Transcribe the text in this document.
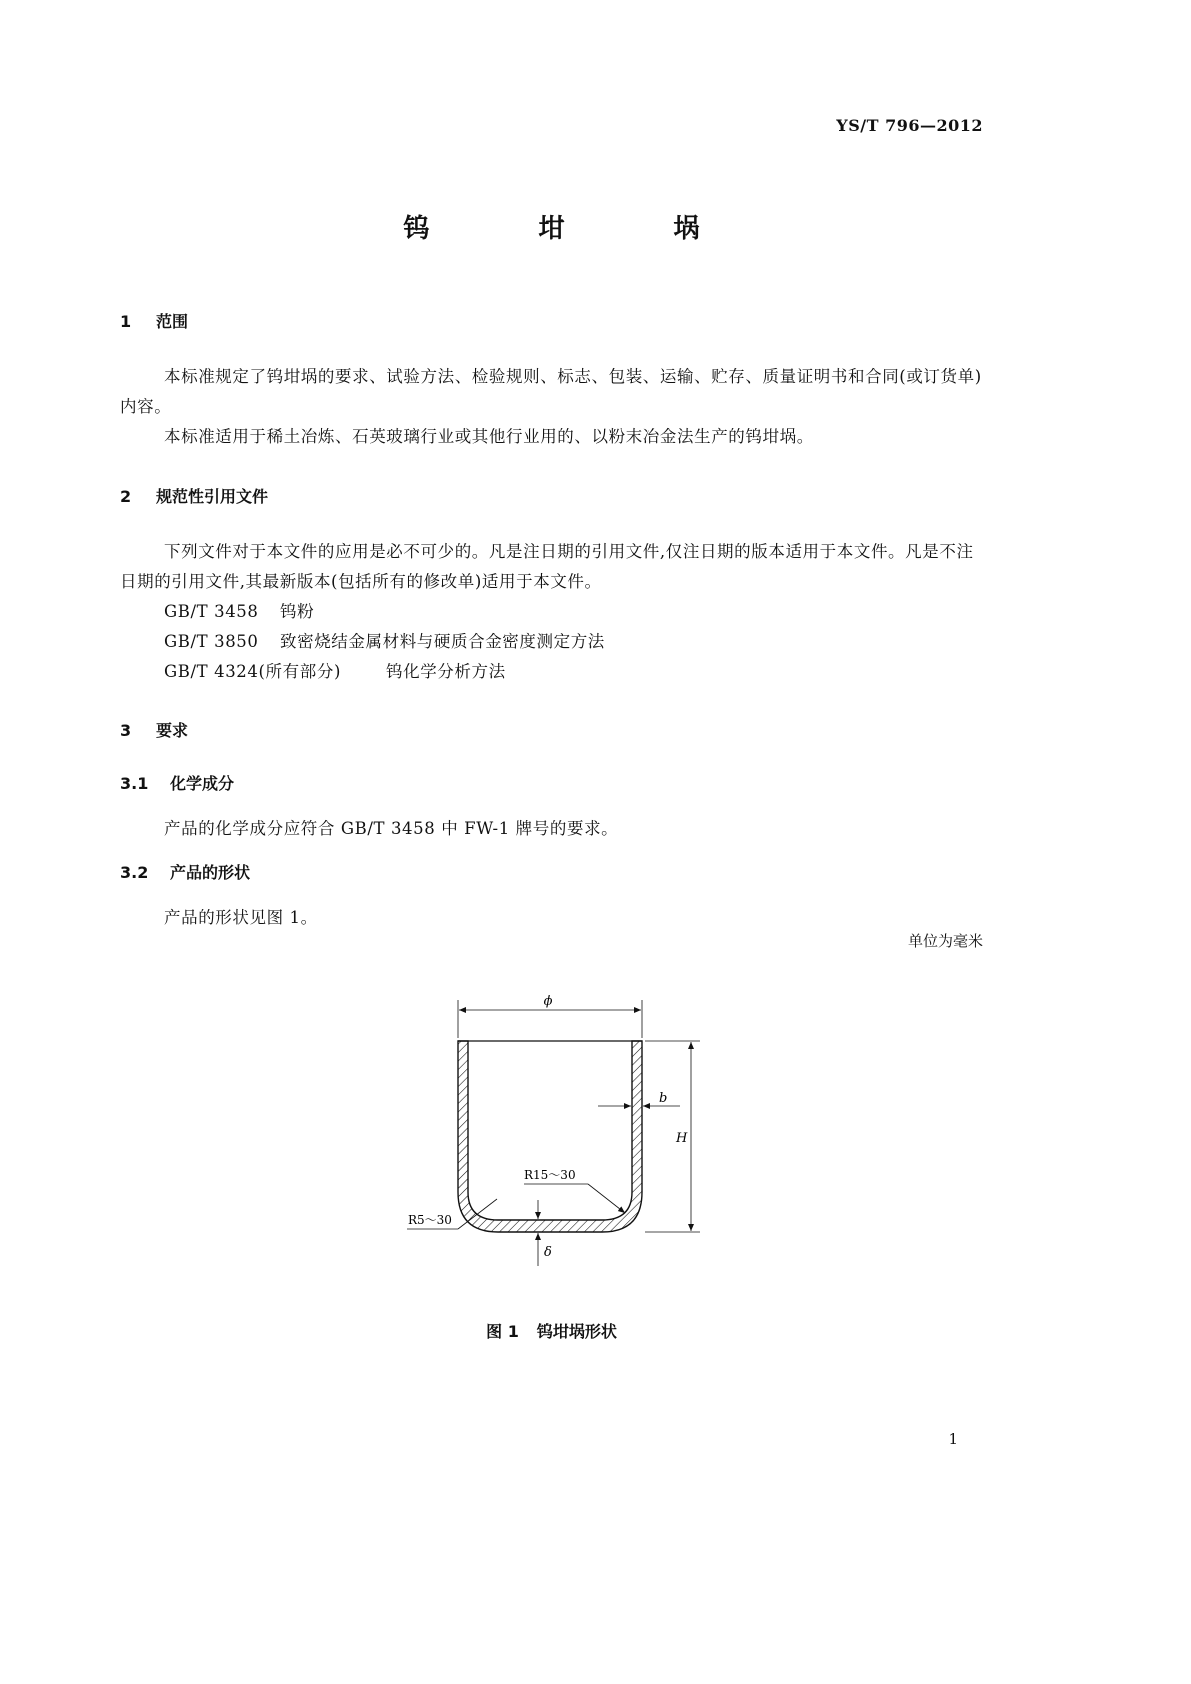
YS/T 796—2012
钨 坩 埚
1 范围
本标准规定了钨坩埚的要求、试验方法、检验规则、标志、包装、运输、贮存、质量证明书和合同(或订货单)内容。
本标准适用于稀土冶炼、石英玻璃行业或其他行业用的、以粉末冶金法生产的钨坩埚。
2 规范性引用文件
下列文件对于本文件的应用是必不可少的。凡是注日期的引用文件,仅注日期的版本适用于本文件。凡是不注日期的引用文件,其最新版本(包括所有的修改单)适用于本文件。
GB/T 3458 钨粉
GB/T 3850 致密烧结金属材料与硬质合金密度测定方法
GB/T 4324(所有部分)	钨化学分析方法
3 要求
3.1 化学成分
产品的化学成分应符合 GB/T 3458 中 FW-1 牌号的要求。
3.2 产品的形状
产品的形状见图 1。
单位为毫米
ϕ
H
b
R15～30
R5～30
δ
图 1 钨坩埚形状
1
